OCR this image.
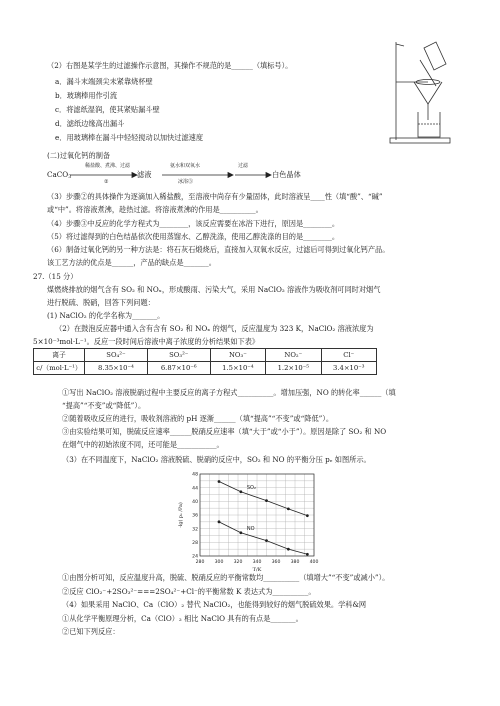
（2）右图是某学生的过滤操作示意图，其操作不规范的是______（填标号）。
a．漏斗末端颈尖未紧靠烧杯壁
b．玻璃棒用作引流
c．将滤纸湿润，使其紧贴漏斗壁
d．滤纸边缘高出漏斗
e．用玻璃棒在漏斗中轻轻搅动以加快过滤速度
(二)过氧化钙的制备
CaCO$_3$
稀盐酸、煮沸、过滤
②
滤液
氨水和双氧水
冰浴③
过滤
白色晶体
（3）步骤②的具体操作为逐滴加入稀盐酸，至溶液中尚存有少量固体，此时溶液呈____性（填“酸”、“碱”
或“中”。将溶液煮沸，趁热过滤。将溶液煮沸的作用是__________。
（4）步骤③中反应的化学方程式为________，该反应需要在冰浴下进行，原因是________。
（5）将过滤得到的白色结晶依次使用蒸馏水、乙醇洗涤，使用乙醇洗涤的目的是________。
（6）制备过氧化钙的另一种方法是：将石灰石煅烧后，直接加入双氧水反应，过滤后可得到过氧化钙产品。
该工艺方法的优点是______，产品的缺点是_______。
27.（15 分）
煤燃烧排放的烟气含有 SO₂ 和 NOₓ，形成酸雨、污染大气，采用 NaClO₂ 溶液作为吸收剂可同时对烟气
进行脱硫、脱硝，回答下列问题：
(1) NaClO₂ 的化学名称为_______。
（2）在鼓泡反应器中通入含有含有 SO₂ 和 NOₓ 的烟气，反应温度为 323 K，NaClO₂ 溶液浓度为
5×10⁻³mol·L⁻¹。反应一段时间后溶液中离子浓度的分析结果如下表》
离子	SO₄²⁻	SO₃²⁻	NO₃⁻	NO₂⁻	Cl⁻
c/（mol·L⁻¹）	8.35×10⁻⁴	6.87×10⁻⁶	1.5×10⁻⁴	1.2×10⁻⁵	3.4×10⁻³
①写出 NaClO₂ 溶液脱硝过程中主要反应的离子方程式__________。增加压强，NO 的转化率______（填
“提高”“不变”或“降低”）。
②随着吸收反应的进行，吸收剂溶液的 pH 逐渐______（填“提高”“不变”或“降低”）。
③由实验结果可知，脱硫反应速率______脱硝反应速率（填“大于”或“小于”）。原因是除了 SO₂ 和 NO
在烟气中的初始浓度不同，还可能是___________。
（3）在不同温度下，NaClO₂ 溶液脱硫、脱硝的反应中，SO₂ 和 NO 的平衡分压 pₑ 如图所示。
280 300 320 340 360 380 400
24
28
32
36
40
44
48
T/K
-lg( pₑ /Pa)
SO₂
NO
①由图分析可知，反应温度升高，脱硫、脱硝反应的平衡常数均__________（填增大”“不变”或减小”）。
②反应 ClO₂⁻+2SO₃²⁻===2SO₄²⁻+Cl⁻的平衡常数 K 表达式为__________。
（4）如果采用 NaClO、Ca（ClO）₂ 替代 NaClO₂，也能得到较好的烟气脱硫效果。学科&网
①从化学平衡原理分析，Ca（ClO）₂ 相比 NaClO 具有的有点是_______。
②已知下列反应：
